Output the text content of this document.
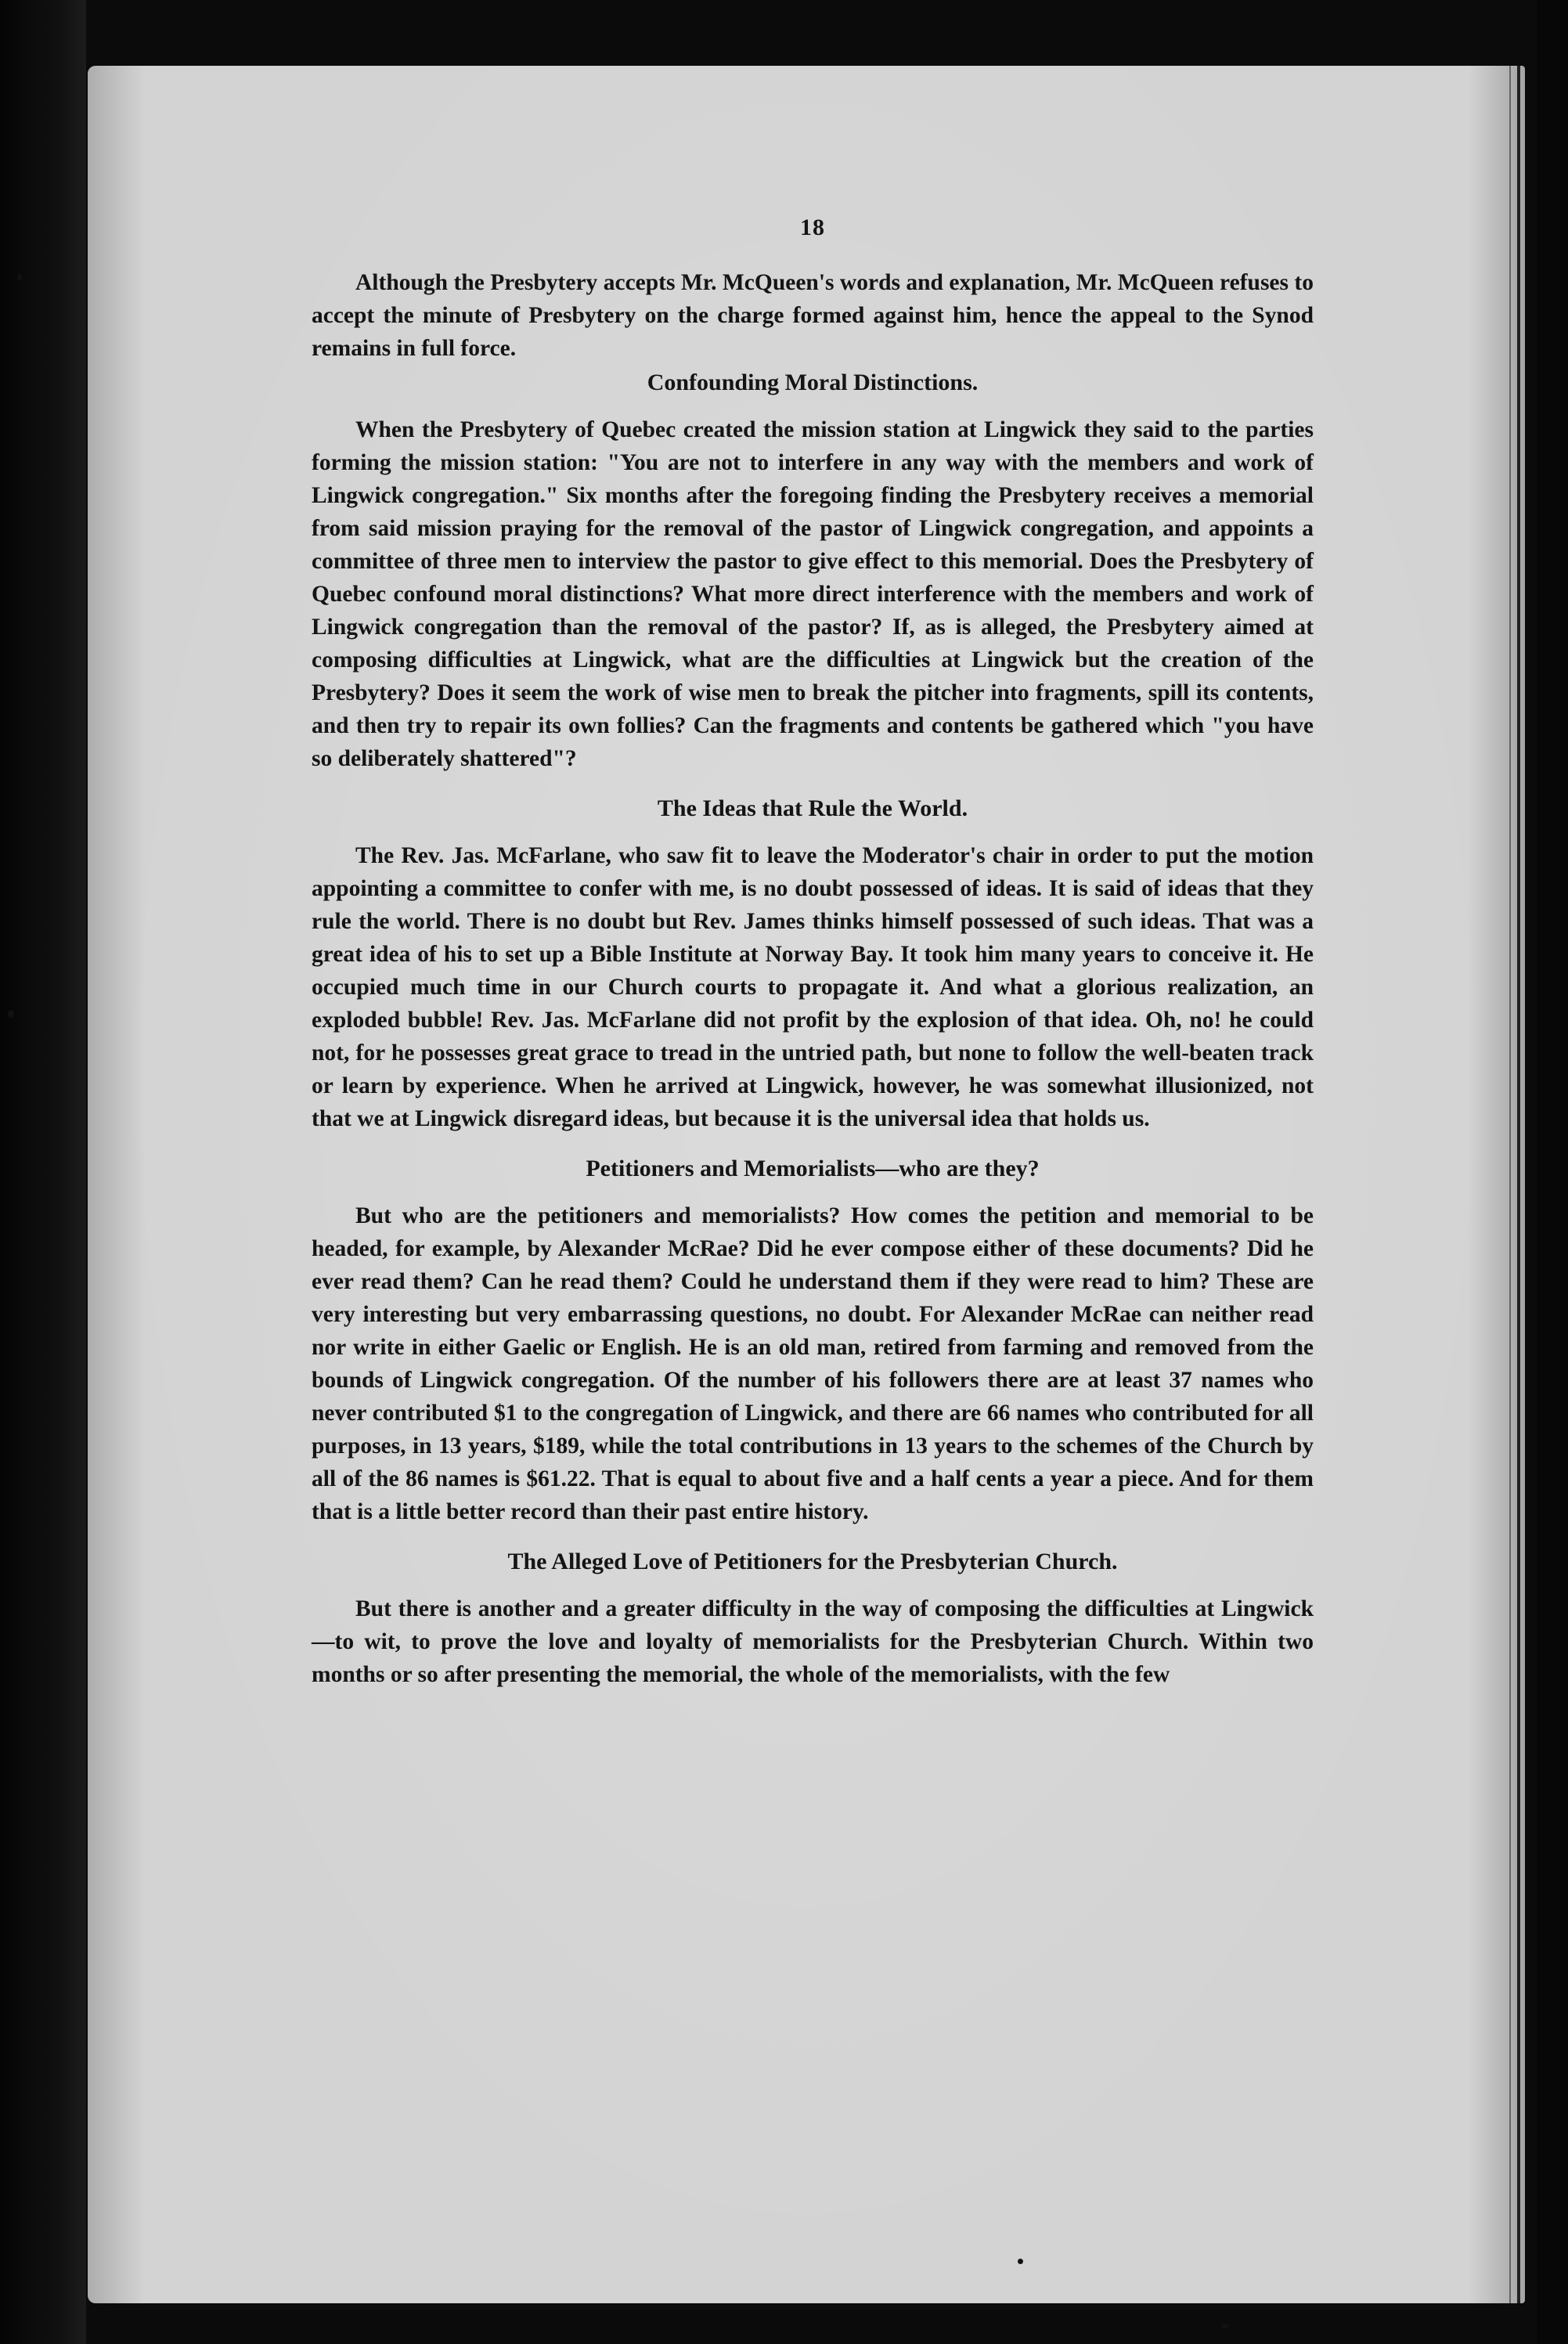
18

Although the Presbytery accepts Mr. McQueen's words and explanation, Mr. McQueen refuses to accept the minute of Presbytery on the charge formed against him, hence the appeal to the Synod remains in full force.

Confounding Moral Distinctions.

When the Presbytery of Quebec created the mission station at Lingwick they said to the parties forming the mission station: "You are not to interfere in any way with the members and work of Lingwick congregation." Six months after the foregoing finding the Presbytery receives a memorial from said mission praying for the removal of the pastor of Lingwick congregation, and appoints a committee of three men to interview the pastor to give effect to this memorial. Does the Presbytery of Quebec confound moral distinctions? What more direct interference with the members and work of Lingwick congregation than the removal of the pastor? If, as is alleged, the Presbytery aimed at composing difficulties at Lingwick, what are the difficulties at Lingwick but the creation of the Presbytery? Does it seem the work of wise men to break the pitcher into fragments, spill its contents, and then try to repair its own follies? Can the fragments and contents be gathered which "you have so deliberately shattered"?

The Ideas that Rule the World.

The Rev. Jas. McFarlane, who saw fit to leave the Moderator's chair in order to put the motion appointing a committee to confer with me, is no doubt possessed of ideas. It is said of ideas that they rule the world. There is no doubt but Rev. James thinks himself possessed of such ideas. That was a great idea of his to set up a Bible Institute at Norway Bay. It took him many years to conceive it. He occupied much time in our Church courts to propagate it. And what a glorious realization, an exploded bubble! Rev. Jas. McFarlane did not profit by the explosion of that idea. Oh, no! he could not, for he possesses great grace to tread in the untried path, but none to follow the well-beaten track or learn by experience. When he arrived at Lingwick, however, he was somewhat illusionized, not that we at Lingwick disregard ideas, but because it is the universal idea that holds us.

Petitioners and Memorialists—who are they?

But who are the petitioners and memorialists? How comes the petition and memorial to be headed, for example, by Alexander McRae? Did he ever compose either of these documents? Did he ever read them? Can he read them? Could he understand them if they were read to him? These are very interesting but very embarrassing questions, no doubt. For Alexander McRae can neither read nor write in either Gaelic or English. He is an old man, retired from farming and removed from the bounds of Lingwick congregation. Of the number of his followers there are at least 37 names who never contributed $1 to the congregation of Lingwick, and there are 66 names who contributed for all purposes, in 13 years, $189, while the total contributions in 13 years to the schemes of the Church by all of the 86 names is $61.22. That is equal to about five and a half cents a year a piece. And for them that is a little better record than their past entire history.

The Alleged Love of Petitioners for the Presbyterian Church.

But there is another and a greater difficulty in the way of composing the difficulties at Lingwick—to wit, to prove the love and loyalty of memorialists for the Presbyterian Church. Within two months or so after presenting the memorial, the whole of the memorialists, with the few
